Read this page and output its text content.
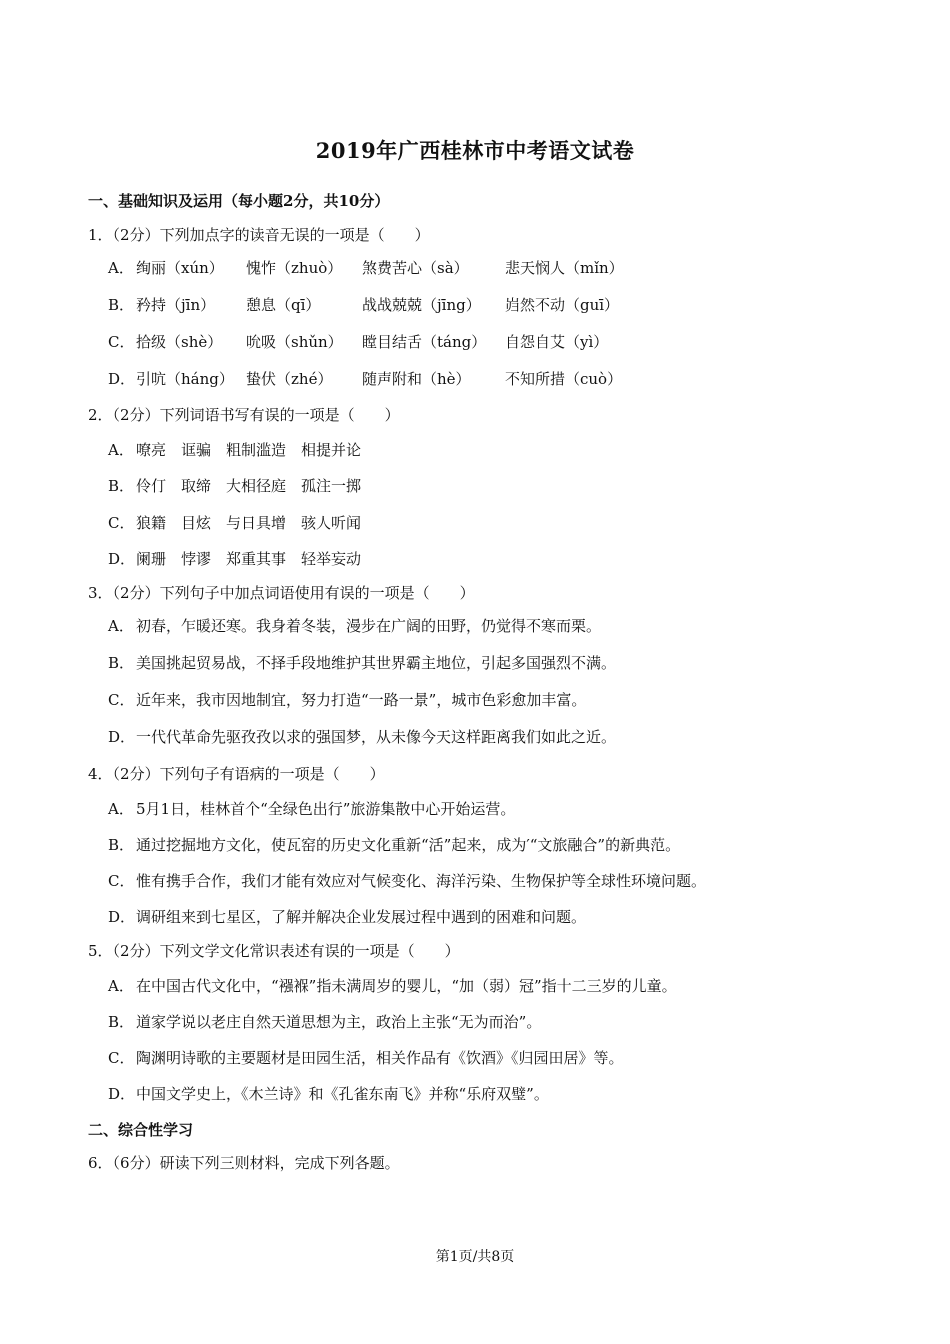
2019年广西桂林市中考语文试卷
一、基础知识及运用（每小题2分，共10分）
1．（2分）下列加点字的读音无误的一项是（　　）
A． 绚丽（xún） 愧怍（zhuò） 煞费苦心（sà） 悲天悯人（mǐn）
B． 矜持（jīn） 憩息（qī）	战战兢兢（jīng） 岿然不动（guī）
C． 拾级（shè） 吮吸（shǔn） 瞠目结舌（táng） 自怨自艾（yì）
D．引吭（háng） 蛰伏（zhé） 随声附和（hè） 不知所措（cuò）
2．（2分）下列词语书写有误的一项是（　　）
A． 嘹亮　诓骗　粗制滥造　相提并论
B． 伶仃　取缔　大相径庭　孤注一掷
C． 狼籍　目炫　与日具增　骇人听闻
D．阑珊　悖谬　郑重其事　轻举妄动
3．（2分）下列句子中加点词语使用有误的一项是（　　）
A． 初春，乍暖还寒。我身着冬装，漫步在广阔的田野，仍觉得不寒而栗。
B． 美国挑起贸易战，不择手段地维护其世界霸主地位，引起多国强烈不满。
C． 近年来，我市因地制宜，努力打造“一路一景”，城市色彩愈加丰富。
D．一代代革命先驱孜孜以求的强国梦，从未像今天这样距离我们如此之近。
4．（2分）下列句子有语病的一项是（　　）
A． 5月1日，桂林首个“全绿色出行”旅游集散中心开始运营。
B． 通过挖掘地方文化，使瓦窑的历史文化重新“活”起来，成为′“文旅融合”的新典范。
C． 惟有携手合作，我们才能有效应对气候变化、海洋污染、生物保护等全球性环境问题。
D．调研组来到七星区，了解并解决企业发展过程中遇到的困难和问题。
5．（2分）下列文学文化常识表述有误的一项是（　　）
A． 在中国古代文化中，“襁褓”指未满周岁的婴儿，“加（弱）冠”指十二三岁的儿童。
B． 道家学说以老庄自然天道思想为主，政治上主张“无为而治”。
C． 陶渊明诗歌的主要题材是田园生活，相关作品有《饮酒》《归园田居》等。
D．中国文学史上，《木兰诗》和《孔雀东南飞》并称“乐府双璧”。
二、综合性学习
6．（6分）研读下列三则材料，完成下列各题。
第1页/共8页
